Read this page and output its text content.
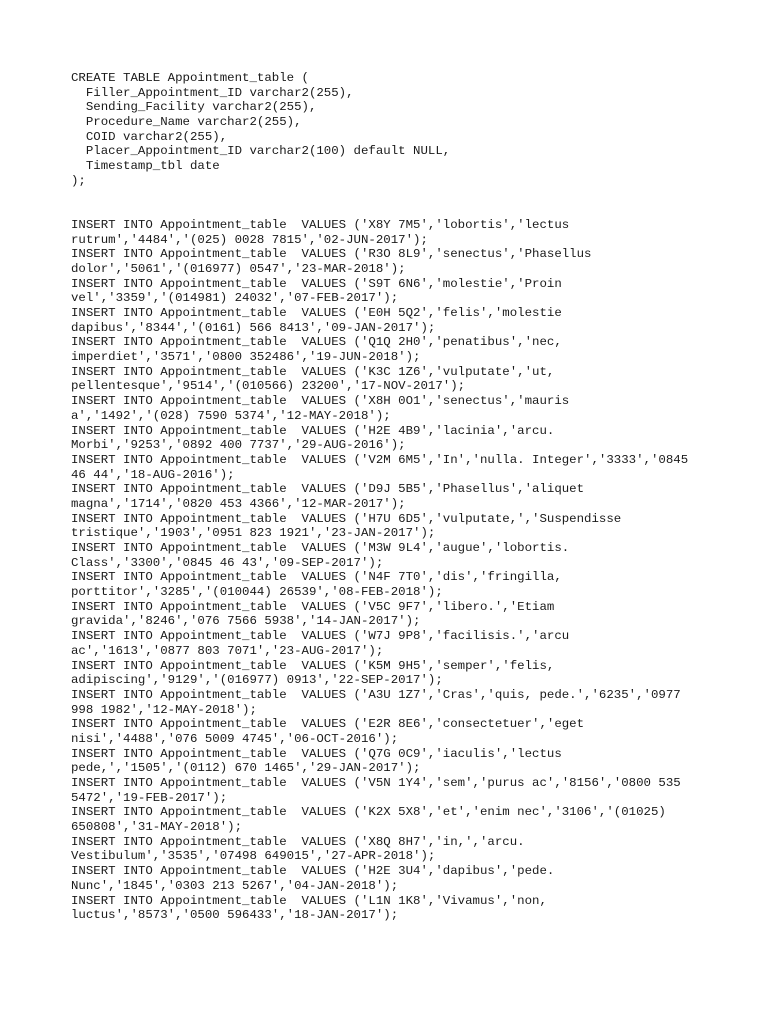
CREATE TABLE Appointment_table (
Filler_Appointment_ID varchar2(255),
Sending_Facility varchar2(255),
Procedure_Name varchar2(255),
COID varchar2(255),
Placer_Appointment_ID varchar2(100) default NULL,
Timestamp_tbl date
);
INSERT INTO Appointment_table  VALUES ('X8Y 7M5','lobortis','lectus
rutrum','4484','(025) 0028 7815','02-JUN-2017');
INSERT INTO Appointment_table  VALUES ('R3O 8L9','senectus','Phasellus
dolor','5061','(016977) 0547','23-MAR-2018');
INSERT INTO Appointment_table  VALUES ('S9T 6N6','molestie','Proin
vel','3359','(014981) 24032','07-FEB-2017');
INSERT INTO Appointment_table  VALUES ('E0H 5Q2','felis','molestie
dapibus','8344','(0161) 566 8413','09-JAN-2017');
INSERT INTO Appointment_table  VALUES ('Q1Q 2H0','penatibus','nec,
imperdiet','3571','0800 352486','19-JUN-2018');
INSERT INTO Appointment_table  VALUES ('K3C 1Z6','vulputate','ut,
pellentesque','9514','(010566) 23200','17-NOV-2017');
INSERT INTO Appointment_table  VALUES ('X8H 0O1','senectus','mauris
a','1492','(028) 7590 5374','12-MAY-2018');
INSERT INTO Appointment_table  VALUES ('H2E 4B9','lacinia','arcu.
Morbi','9253','0892 400 7737','29-AUG-2016');
INSERT INTO Appointment_table  VALUES ('V2M 6M5','In','nulla. Integer','3333','0845
46 44','18-AUG-2016');
INSERT INTO Appointment_table  VALUES ('D9J 5B5','Phasellus','aliquet
magna','1714','0820 453 4366','12-MAR-2017');
INSERT INTO Appointment_table  VALUES ('H7U 6D5','vulputate,','Suspendisse
tristique','1903','0951 823 1921','23-JAN-2017');
INSERT INTO Appointment_table  VALUES ('M3W 9L4','augue','lobortis.
Class','3300','0845 46 43','09-SEP-2017');
INSERT INTO Appointment_table  VALUES ('N4F 7T0','dis','fringilla,
porttitor','3285','(010044) 26539','08-FEB-2018');
INSERT INTO Appointment_table  VALUES ('V5C 9F7','libero.','Etiam
gravida','8246','076 7566 5938','14-JAN-2017');
INSERT INTO Appointment_table  VALUES ('W7J 9P8','facilisis.','arcu
ac','1613','0877 803 7071','23-AUG-2017');
INSERT INTO Appointment_table  VALUES ('K5M 9H5','semper','felis,
adipiscing','9129','(016977) 0913','22-SEP-2017');
INSERT INTO Appointment_table  VALUES ('A3U 1Z7','Cras','quis, pede.','6235','0977
998 1982','12-MAY-2018');
INSERT INTO Appointment_table  VALUES ('E2R 8E6','consectetuer','eget
nisi','4488','076 5009 4745','06-OCT-2016');
INSERT INTO Appointment_table  VALUES ('Q7G 0C9','iaculis','lectus
pede,','1505','(0112) 670 1465','29-JAN-2017');
INSERT INTO Appointment_table  VALUES ('V5N 1Y4','sem','purus ac','8156','0800 535
5472','19-FEB-2017');
INSERT INTO Appointment_table  VALUES ('K2X 5X8','et','enim nec','3106','(01025)
650808','31-MAY-2018');
INSERT INTO Appointment_table  VALUES ('X8Q 8H7','in,','arcu.
Vestibulum','3535','07498 649015','27-APR-2018');
INSERT INTO Appointment_table  VALUES ('H2E 3U4','dapibus','pede.
Nunc','1845','0303 213 5267','04-JAN-2018');
INSERT INTO Appointment_table  VALUES ('L1N 1K8','Vivamus','non,
luctus','8573','0500 596433','18-JAN-2017');
